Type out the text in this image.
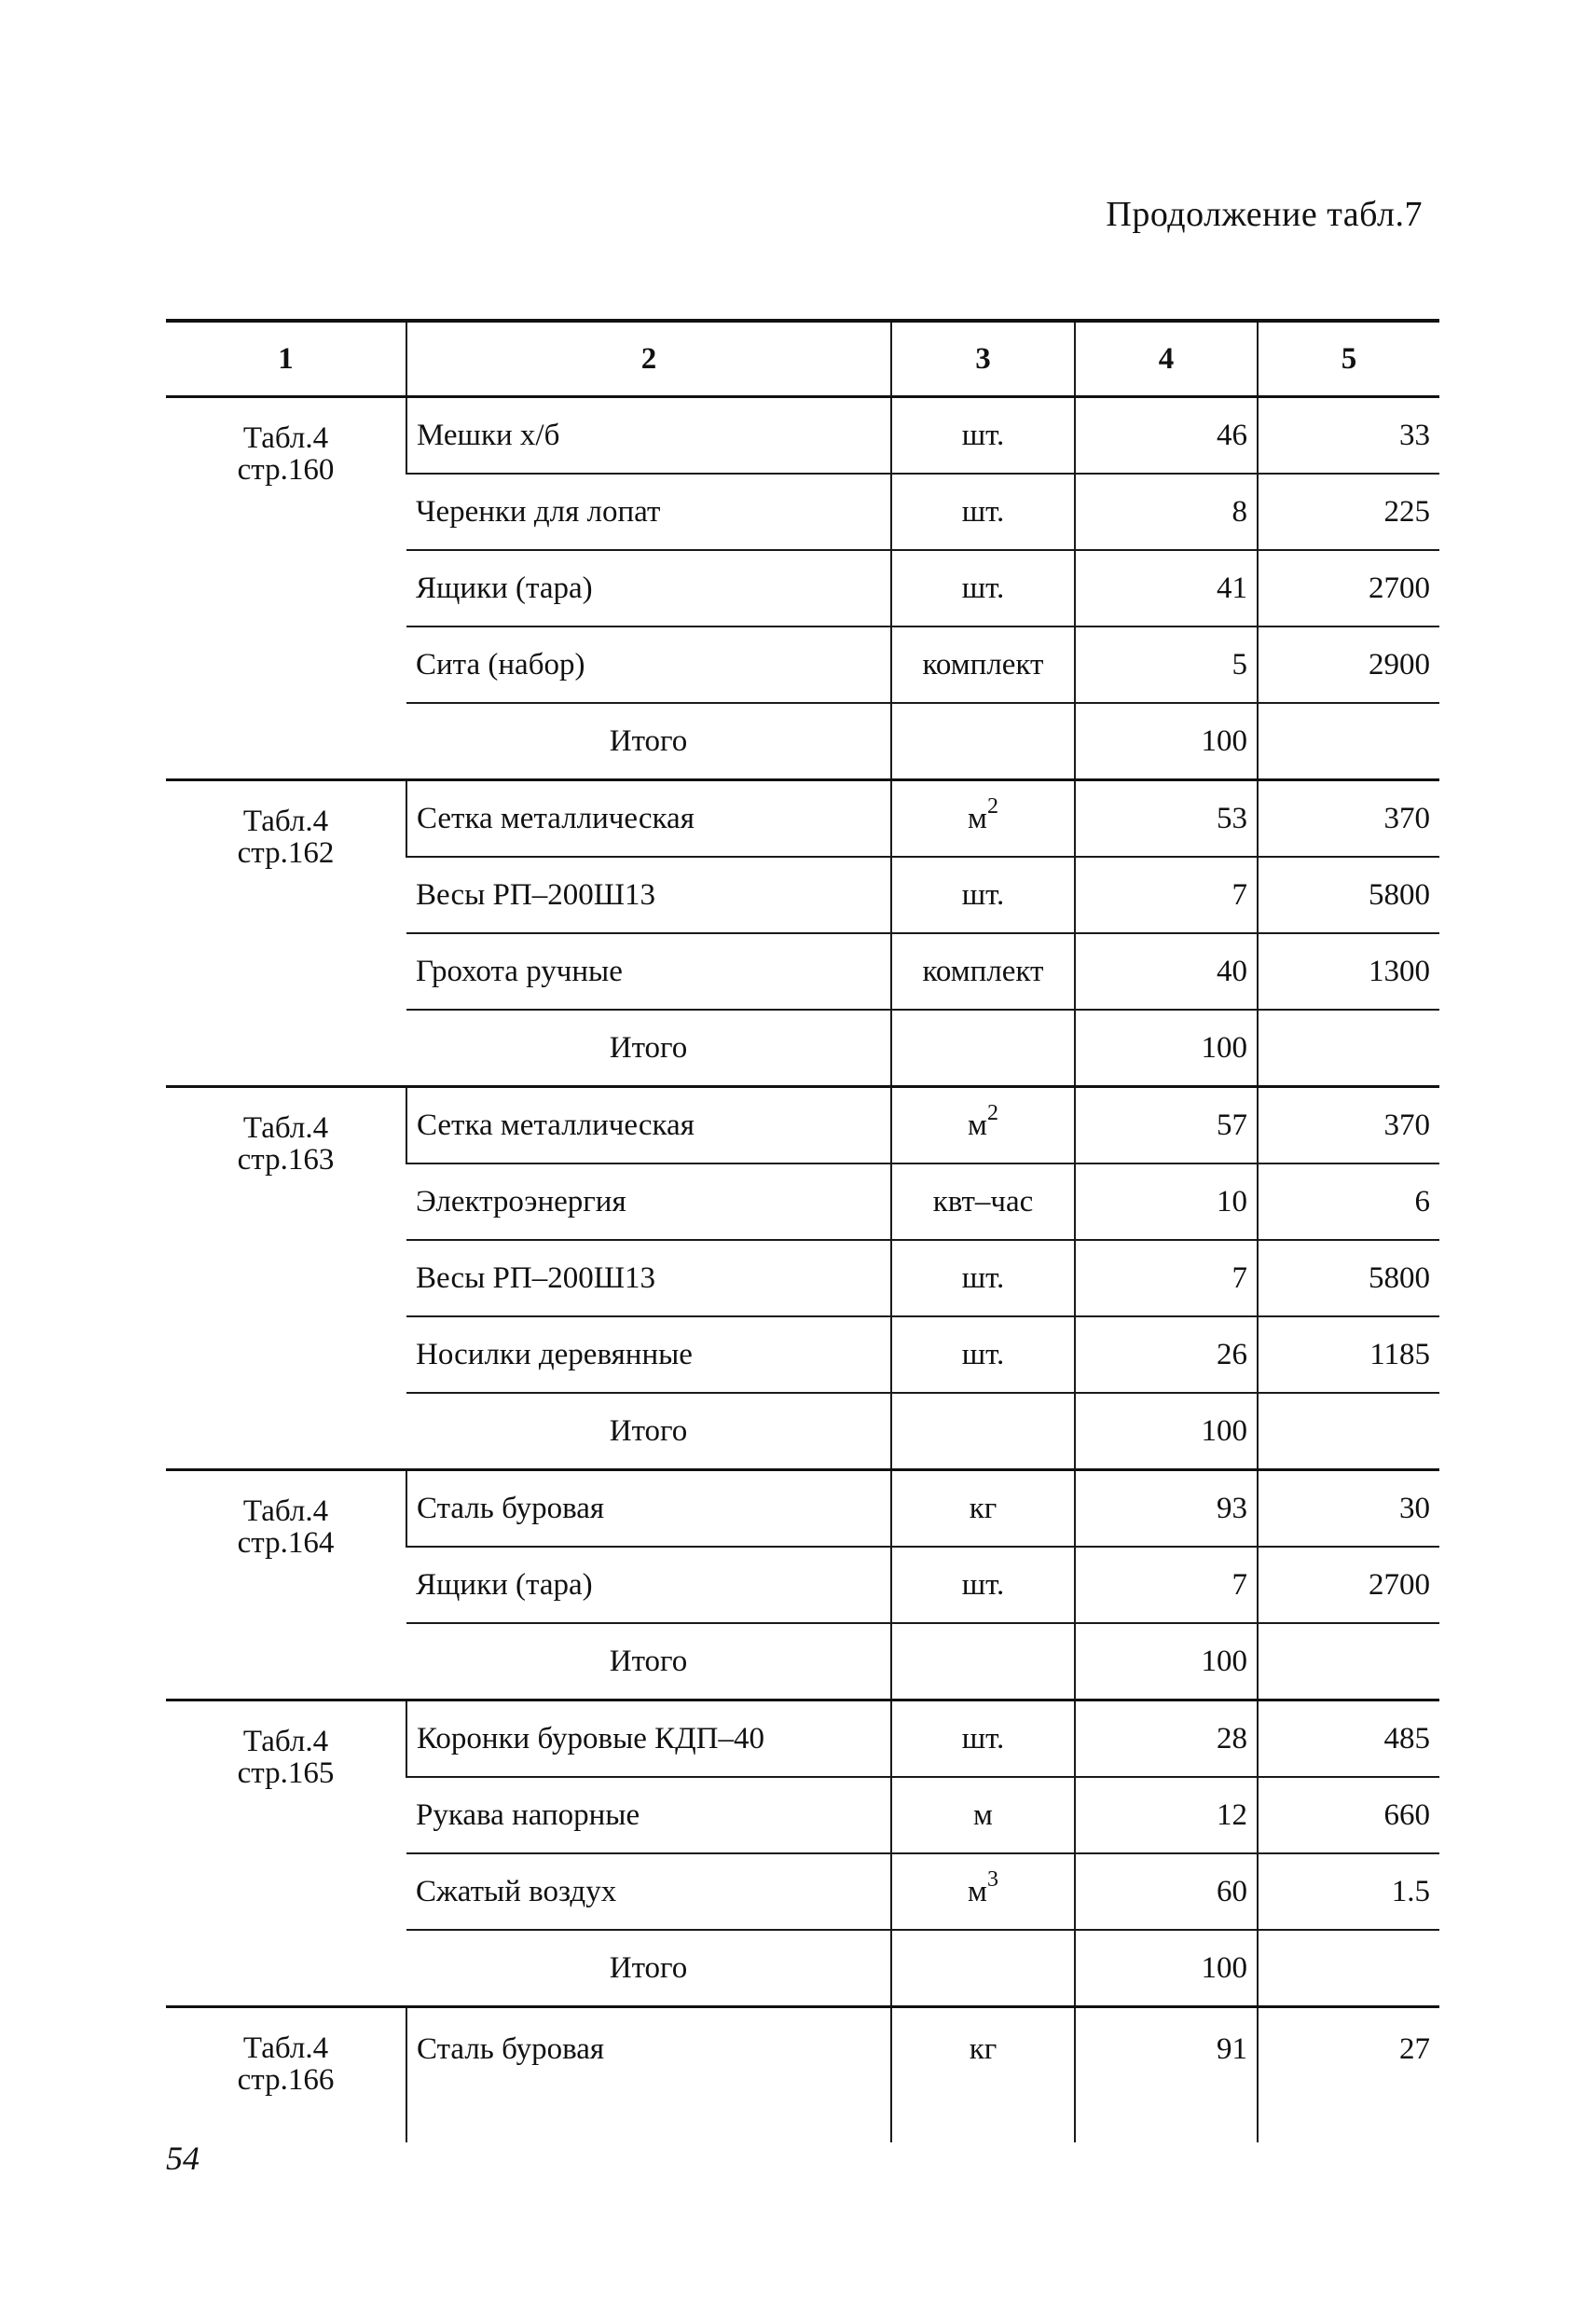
Продолжение табл.7
1	2	3	4	5

Табл.4
стр.160	Мешки х/б	шт.	46	33
	Черенки для лопат	шт.	8	225
	Ящики (тара)	шт.	41	2700
	Сита (набор)	комплект	5	2900
	Итого		100	

Табл.4
стр.162	Сетка металлическая	$м^2$	53	370
	Весы РП–200Ш13	шт.	7	5800
	Грохота ручные	комплект	40	1300
	Итого		100	

Табл.4
стр.163	Сетка металлическая	$м^2$	57	370
	Электроэнергия	квт–час	10	6
	Весы РП–200Ш13	шт.	7	5800
	Носилки деревянные	шт.	26	1185
	Итого		100	

Табл.4
стр.164	Сталь буровая	кг	93	30
	Ящики (тара)	шт.	7	2700
	Итого		100	

Табл.4
стр.165	Коронки буровые КДП–40	шт.	28	485
	Рукава напорные	м	12	660
	Сжатый воздух	$м^3$	60	1.5
	Итого		100	

Табл.4
стр.166	Сталь буровая	кг	91	27
54
